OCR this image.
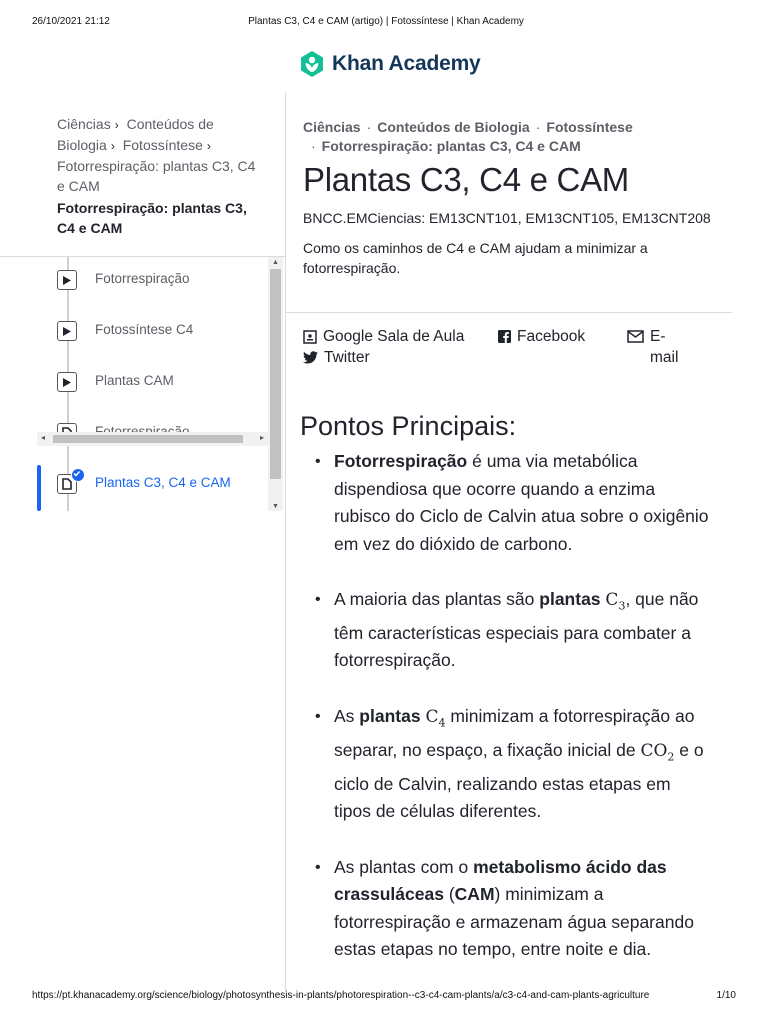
26/10/2021 21:12	Plantas C3, C4 e CAM (artigo) | Fotossíntese | Khan Academy
Khan Academy
Ciências › Conteúdos de Biologia › Fotossíntese › Fotorrespiração: plantas C3, C4 e CAM
Fotorrespiração: plantas C3, C4 e CAM
Fotorrespiração
Fotossíntese C4
Plantas CAM
Plantas C3, C4 e CAM
▲
▼
◂	▸
Ciências · Conteúdos de Biologia · Fotossíntese
· Fotorrespiração: plantas C3, C4 e CAM
Plantas C3, C4 e CAM
BNCC.EMCiencias: EM13CNT101, EM13CNT105, EM13CNT208
Como os caminhos de C4 e CAM ajudam a minimizar a fotorrespiração.
Google Sala de Aula	Facebook	E-
mail
Twitter
Pontos Principais:
• Fotorrespiração é uma via metabólica dispendiosa que ocorre quando a enzima rubisco do Ciclo de Calvin atua sobre o oxigênio em vez do dióxido de carbono.
• A maioria das plantas são plantas $C_3$, que não têm características especiais para combater a fotorrespiração.
• As plantas $C_4$ minimizam a fotorrespiração ao separar, no espaço, a fixação inicial de $CO_2$ e o ciclo de Calvin, realizando estas etapas em tipos de células diferentes.
• As plantas com o metabolismo ácido das crassuláceas (CAM) minimizam a fotorrespiração e armazenam água separando estas etapas no tempo, entre noite e dia.
https://pt.khanacademy.org/science/biology/photosynthesis-in-plants/photorespiration--c3-c4-cam-plants/a/c3-c4-and-cam-plants-agriculture	1/10
